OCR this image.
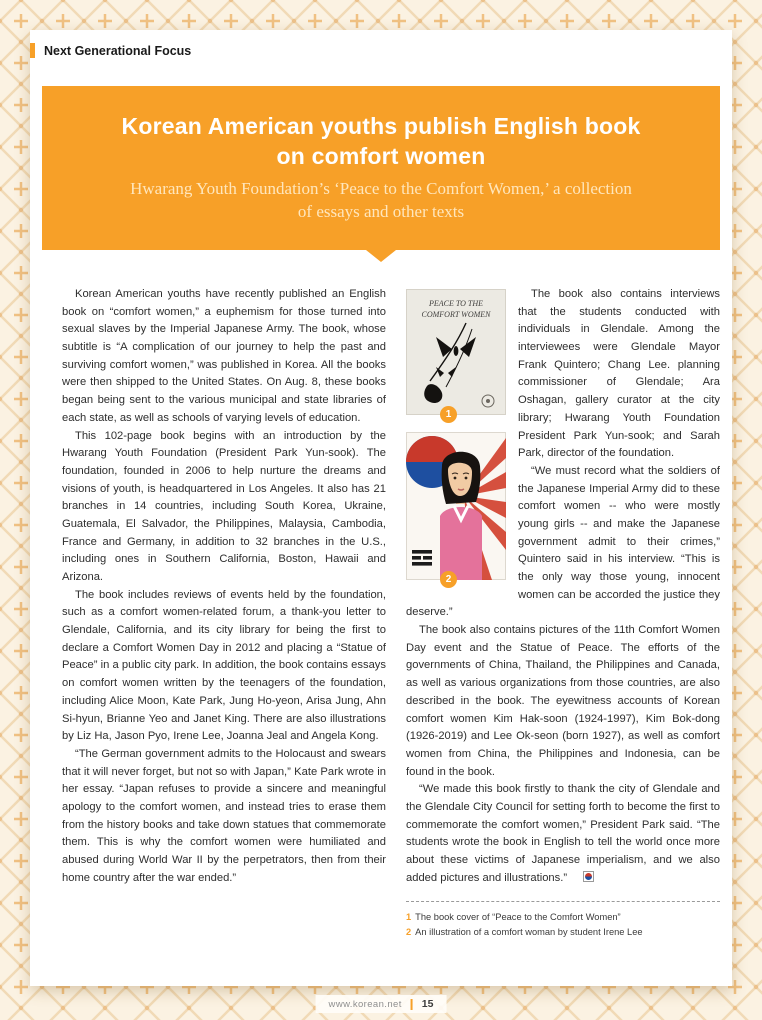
Next Generational Focus
Korean American youths publish English book
on comfort women
Hwarang Youth Foundation’s ‘Peace to the Comfort Women,’ a collection
of essays and other texts

Korean American youths have recently published an English book on “comfort women,” a euphemism for those turned into sexual slaves by the Imperial Japanese Army. The book, whose subtitle is “A complication of our journey to help the past and surviving comfort women,” was published in Korea. All the books were then shipped to the United States. On Aug. 8, these books began being sent to the various municipal and state libraries of each state, as well as schools of varying levels of education.

This 102-page book begins with an introduction by the Hwarang Youth Foundation (President Park Yun-sook). The foundation, founded in 2006 to help nurture the dreams and visions of youth, is headquartered in Los Angeles. It also has 21 branches in 14 countries, including South Korea, Ukraine, Guatemala, El Salvador, the Philippines, Malaysia, Cambodia, France and Germany, in addition to 32 branches in the U.S., including ones in Southern California, Boston, Hawaii and Arizona.

The book includes reviews of events held by the foundation, such as a comfort women-related forum, a thank-you letter to Glendale, California, and its city library for being the first to declare a Comfort Women Day in 2012 and placing a “Statue of Peace” in a public city park. In addition, the book contains essays on comfort women written by the teenagers of the foundation, including Alice Moon, Kate Park, Jung Ho-yeon, Arisa Jung, Ahn Si-hyun, Brianne Yeo and Janet King. There are also illustrations by Liz Ha, Jason Pyo, Irene Lee, Joanna Jeal and Angela Kong.

“The German government admits to the Holocaust and swears that it will never forget, but not so with Japan,” Kate Park wrote in her essay. “Japan refuses to provide a sincere and meaningful apology to the comfort women, and instead tries to erase them from the history books and take down statues that commemorate them. This is why the comfort women were humiliated and abused during World War II by the perpetrators, then from their home country after the war ended.”

PEACE TO THE
COMFORT WOMEN
1
2

The book also contains interviews that the students conducted with individuals in Glendale. Among the interviewees were Glendale Mayor Frank Quintero; Chang Lee. planning commissioner of Glendale; Ara Oshagan, gallery curator at the city library; Hwarang Youth Foundation President Park Yun-sook; and Sarah Park, director of the foundation.

“We must record what the soldiers of the Japanese Imperial Army did to these comfort women -- who were mostly young girls -- and make the Japanese government admit to their crimes,” Quintero said in his interview. “This is the only way those young, innocent women can be accorded the justice they deserve.”

The book also contains pictures of the 11th Comfort Women Day event and the Statue of Peace. The efforts of the governments of China, Thailand, the Philippines and Canada, as well as various organizations from those countries, are also described in the book. The eyewitness accounts of Korean comfort women Kim Hak-soon (1924-1997), Kim Bok-dong (1926-2019) and Lee Ok-seon (born 1927), as well as comfort women from China, the Philippines and Indonesia, can be found in the book.

“We made this book firstly to thank the city of Glendale and the Glendale City Council for setting forth to become the first to commemorate the comfort women,” President Park said. “The students wrote the book in English to tell the world once more about these victims of Japanese imperialism, and we also added pictures and illustrations.”

1 The book cover of “Peace to the Comfort Women”
2 An illustration of a comfort woman by student Irene Lee
www.korean.net 15
